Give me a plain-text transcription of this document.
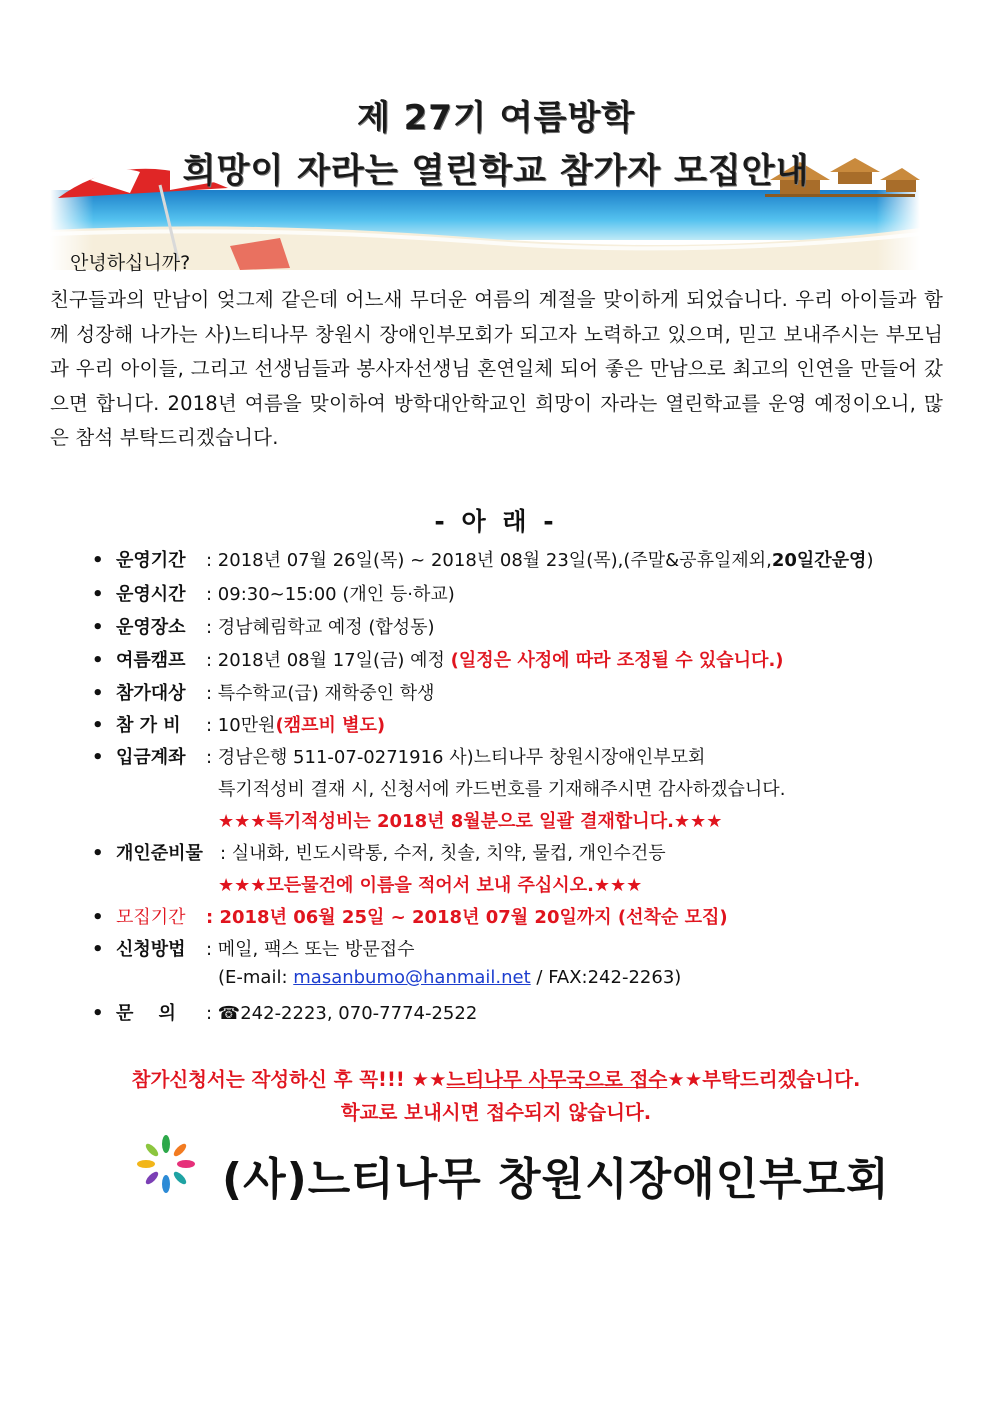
제 27기 여름방학
희망이 자라는 열린학교 참가자 모집안내
안녕하십니까?
친구들과의 만남이 엊그제 같은데 어느새 무더운 여름의 계절을 맞이하게 되었습니다. 우리 아이들과 함께 성장해 나가는 사)느티나무 창원시 장애인부모회가 되고자 노력하고 있으며, 믿고 보내주시는 부모님과 우리 아이들, 그리고 선생님들과 봉사자선생님 혼연일체 되어 좋은 만남으로 최고의 인연을 만들어 갔으면 합니다. 2018년 여름을 맞이하여 방학대안학교인 희망이 자라는 열린학교를 운영 예정이오니, 많은 참석 부탁드리겠습니다.
- 아 래 -
• 운영기간 : 2018년 07월 26일(목) ~ 2018년 08월 23일(목),(주말&공휴일제외,20일간운영)
• 운영시간 : 09:30~15:00 (개인 등·하교)
• 운영장소 : 경남혜림학교 예정 (합성동)
• 여름캠프 : 2018년 08월 17일(금) 예정 (일정은 사정에 따라 조정될 수 있습니다.)
• 참가대상 : 특수학교(급) 재학중인 학생
• 참 가 비 : 10만원(캠프비 별도)
• 입금계좌 : 경남은행 511-07-0271916 사)느티나무 창원시장애인부모회
특기적성비 결재 시, 신청서에 카드번호를 기재해주시면 감사하겠습니다.
★★★특기적성비는 2018년 8월분으로 일괄 결재합니다.★★★
• 개인준비물 : 실내화, 빈도시락통, 수저, 칫솔, 치약, 물컵, 개인수건등
★★★모든물건에 이름을 적어서 보내 주십시오.★★★
• 모집기간 : 2018년 06월 25일 ~ 2018년 07월 20일까지 (선착순 모집)
• 신청방법 : 메일, 팩스 또는 방문접수
(E-mail: masanbumo@hanmail.net / FAX:242-2263)
• 문    의 : ☎242-2223, 070-7774-2522
참가신청서는 작성하신 후 꼭!!! ★★느티나무 사무국으로 접수★★부탁드리겠습니다.
학교로 보내시면 접수되지 않습니다.
(사)느티나무 창원시장애인부모회
